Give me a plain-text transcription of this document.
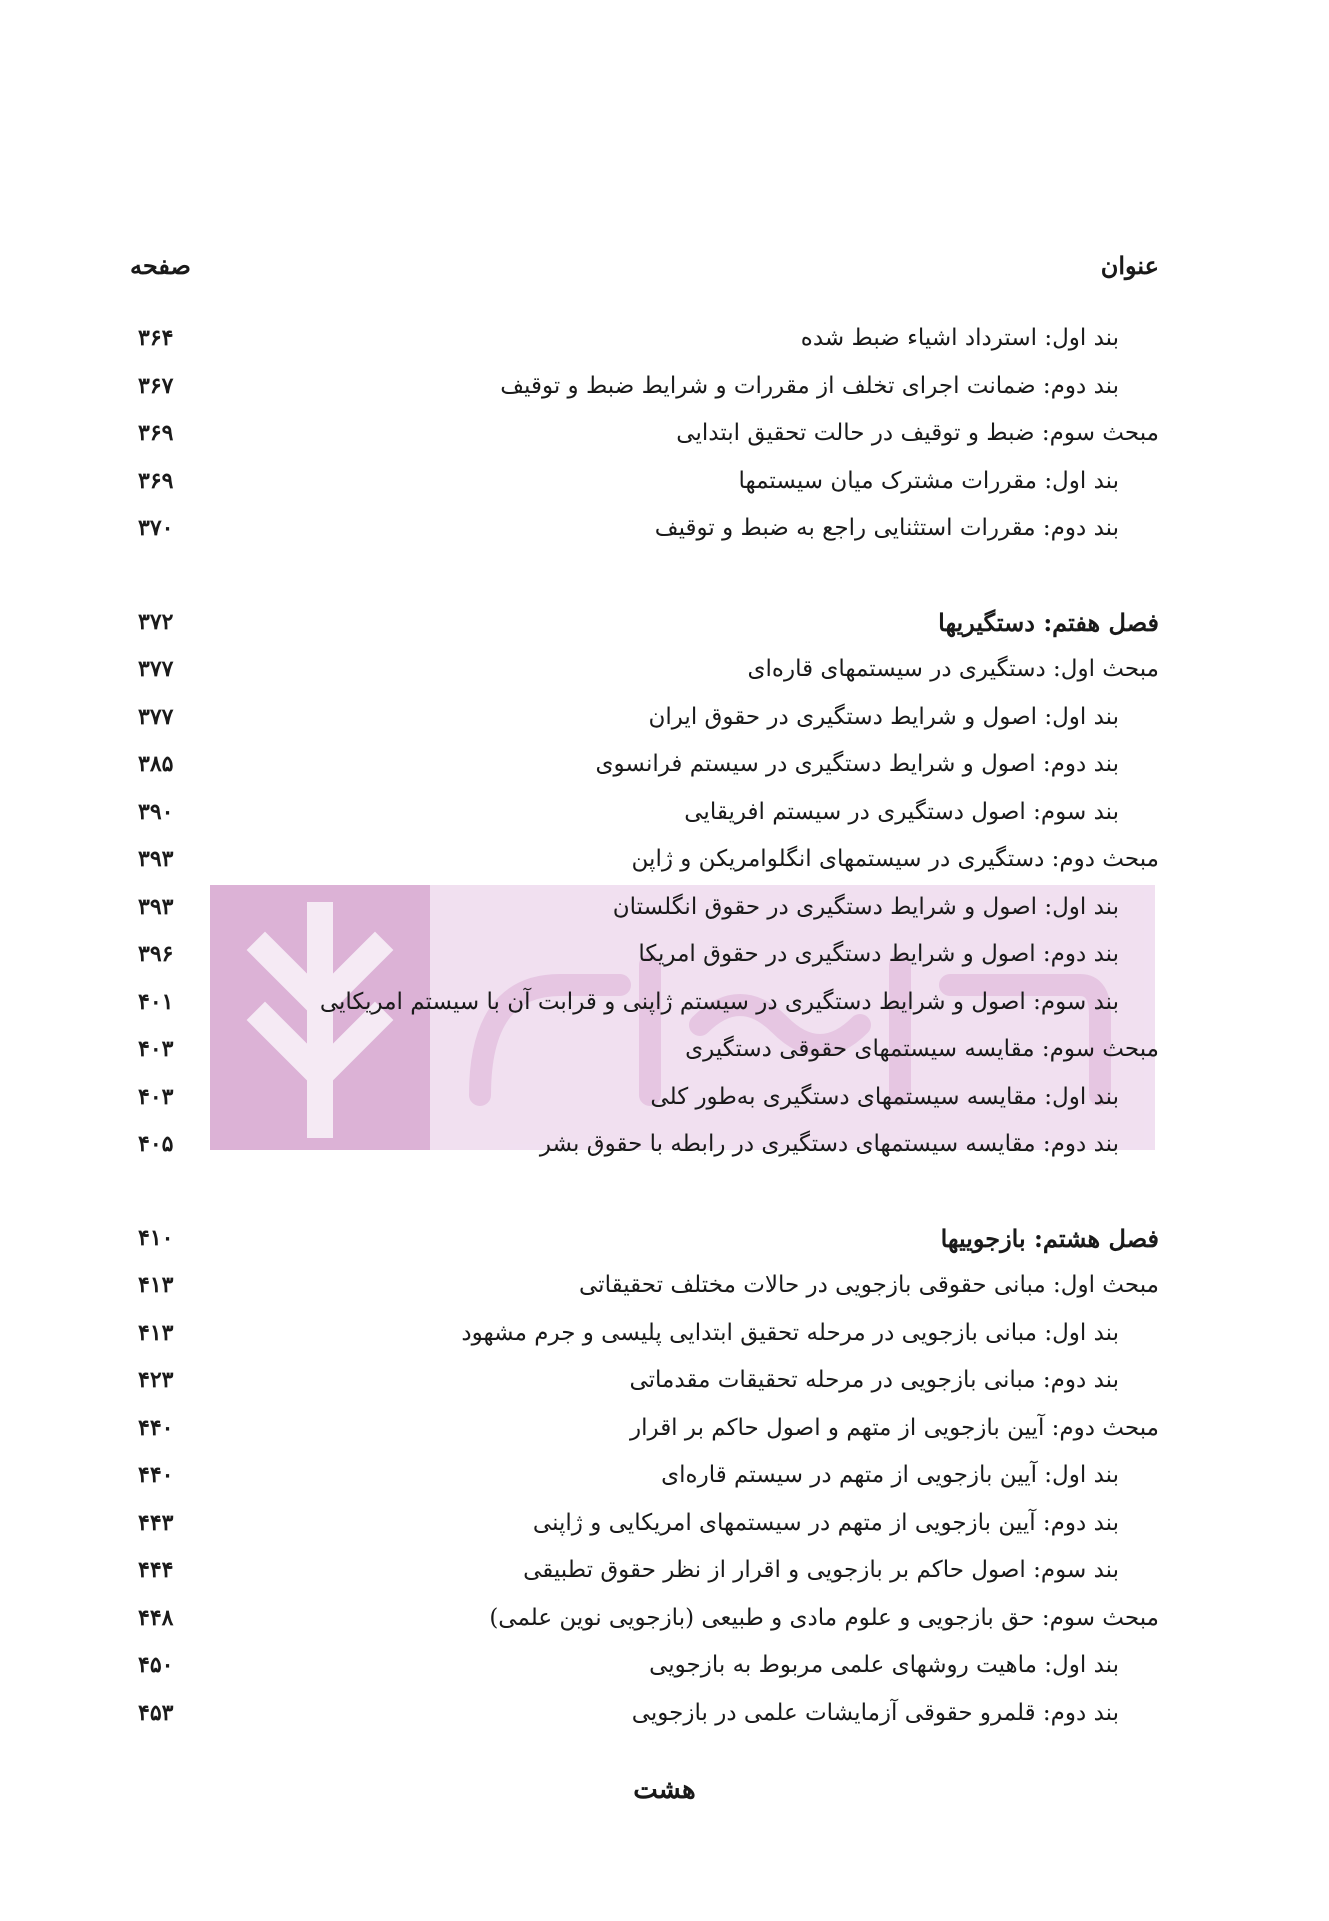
صفحه	عنوان
۳۶۴	بند اول: استرداد اشیاء ضبط شده
۳۶۷	بند دوم: ضمانت اجرای تخلف از مقررات و شرایط ضبط و توقیف
۳۶۹	مبحث سوم: ضبط و توقیف در حالت تحقیق ابتدایی
۳۶۹	بند اول: مقررات مشترک میان سیستمها
۳۷۰	بند دوم: مقررات استثنایی راجع به ضبط و توقیف
۳۷۲	فصل هفتم: دستگیریها
۳۷۷	مبحث اول: دستگیری در سیستمهای قاره‌ای
۳۷۷	بند اول: اصول و شرایط دستگیری در حقوق ایران
۳۸۵	بند دوم: اصول و شرایط دستگیری در سیستم فرانسوی
۳۹۰	بند سوم: اصول دستگیری در سیستم افریقایی
۳۹۳	مبحث دوم: دستگیری در سیستمهای انگلوامریکن و ژاپن
۳۹۳	بند اول: اصول و شرایط دستگیری در حقوق انگلستان
۳۹۶	بند دوم: اصول و شرایط دستگیری در حقوق امریکا
۴۰۱	بند سوم: اصول و شرایط دستگیری در سیستم ژاپنی و قرابت آن با سیستم امریکایی
۴۰۳	مبحث سوم: مقایسه سیستمهای حقوقی دستگیری
۴۰۳	بند اول: مقایسه سیستمهای دستگیری به‌طور کلی
۴۰۵	بند دوم: مقایسه سیستمهای دستگیری در رابطه با حقوق بشر
۴۱۰	فصل هشتم: بازجوییها
۴۱۳	مبحث اول: مبانی حقوقی بازجویی در حالات مختلف تحقیقاتی
۴۱۳	بند اول: مبانی بازجویی در مرحله تحقیق ابتدایی پلیسی و جرم مشهود
۴۲۳	بند دوم: مبانی بازجویی در مرحله تحقیقات مقدماتی
۴۴۰	مبحث دوم: آیین بازجویی از متهم و اصول حاکم بر اقرار
۴۴۰	بند اول: آیین بازجویی از متهم در سیستم قاره‌ای
۴۴۳	بند دوم: آیین بازجویی از متهم در سیستمهای امریکایی و ژاپنی
۴۴۴	بند سوم: اصول حاکم بر بازجویی و اقرار از نظر حقوق تطبیقی
۴۴۸	مبحث سوم: حق بازجویی و علوم مادی و طبیعی (بازجویی نوین علمی)
۴۵۰	بند اول: ماهیت روشهای علمی مربوط به بازجویی
۴۵۳	بند دوم: قلمرو حقوقی آزمایشات علمی در بازجویی
هشت
